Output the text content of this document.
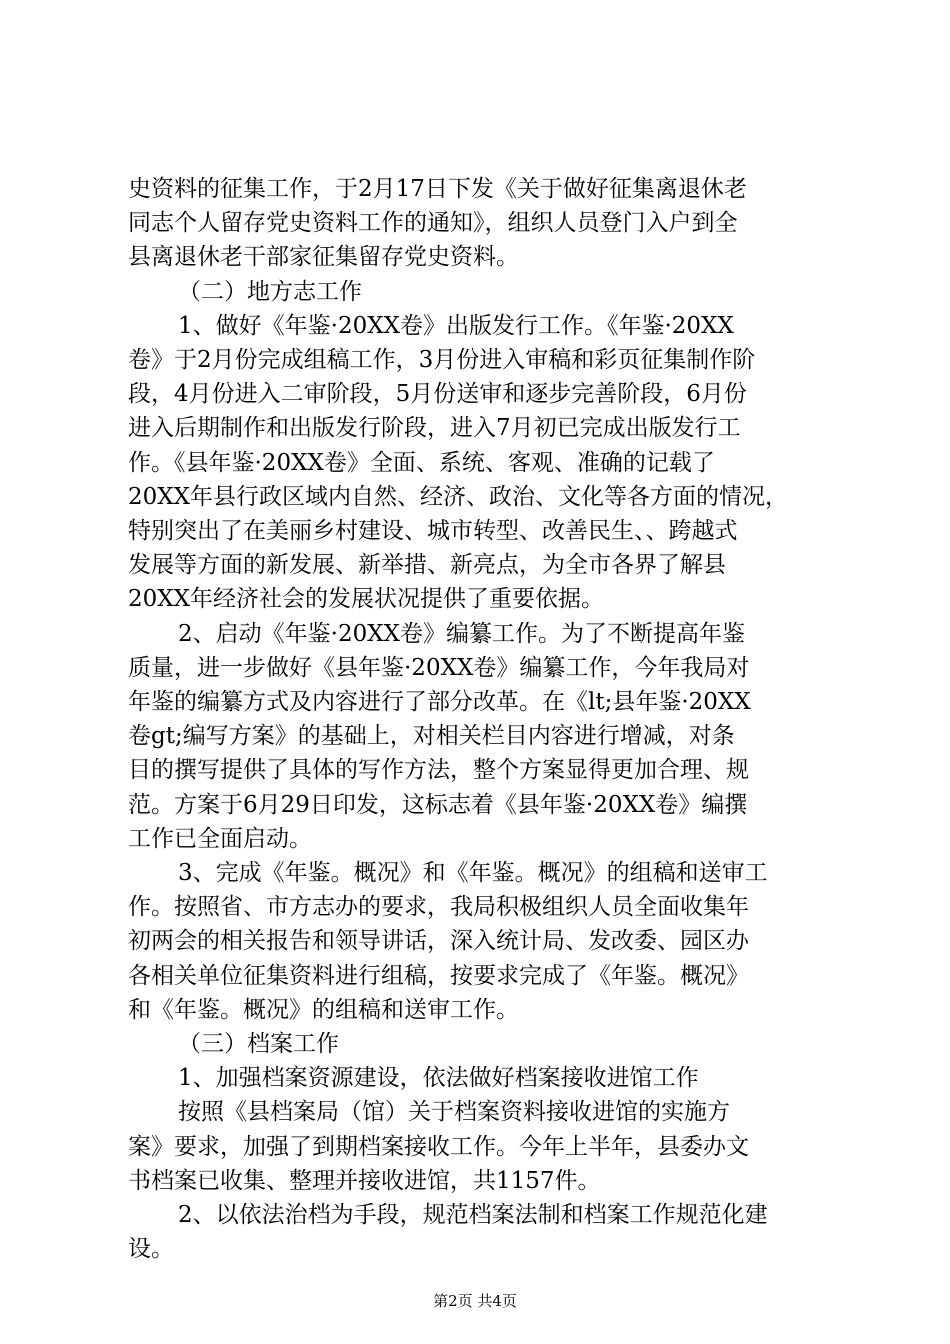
史资料的征集工作，于2月17日下发《关于做好征集离退休老
同志个人留存党史资料工作的通知》，组织人员登门入户到全
县离退休老干部家征集留存党史资料。
（二）地方志工作
1、做好《年鉴·20XX卷》出版发行工作。《年鉴·20XX
卷》于2月份完成组稿工作，3月份进入审稿和彩页征集制作阶
段，4月份进入二审阶段，5月份送审和逐步完善阶段，6月份
进入后期制作和出版发行阶段，进入7月初已完成出版发行工
作。《县年鉴·20XX卷》全面、系统、客观、准确的记载了
20XX年县行政区域内自然、经济、政治、文化等各方面的情况，
特别突出了在美丽乡村建设、城市转型、改善民生、、跨越式
发展等方面的新发展、新举措、新亮点，为全市各界了解县
20XX年经济社会的发展状况提供了重要依据。
2、启动《年鉴·20XX卷》编纂工作。为了不断提高年鉴
质量，进一步做好《县年鉴·20XX卷》编纂工作，今年我局对
年鉴的编纂方式及内容进行了部分改革。在《lt;县年鉴·20XX
卷gt;编写方案》的基础上，对相关栏目内容进行增减，对条
目的撰写提供了具体的写作方法，整个方案显得更加合理、规
范。方案于6月29日印发，这标志着《县年鉴·20XX卷》编撰
工作已全面启动。
3、完成《年鉴。概况》和《年鉴。概况》的组稿和送审工
作。按照省、市方志办的要求，我局积极组织人员全面收集年
初两会的相关报告和领导讲话，深入统计局、发改委、园区办
各相关单位征集资料进行组稿，按要求完成了《年鉴。概况》
和《年鉴。概况》的组稿和送审工作。
（三）档案工作
1、加强档案资源建设，依法做好档案接收进馆工作
按照《县档案局（馆）关于档案资料接收进馆的实施方
案》要求，加强了到期档案接收工作。今年上半年，县委办文
书档案已收集、整理并接收进馆，共1157件。
2、以依法治档为手段，规范档案法制和档案工作规范化建
设。
第2页 共4页
